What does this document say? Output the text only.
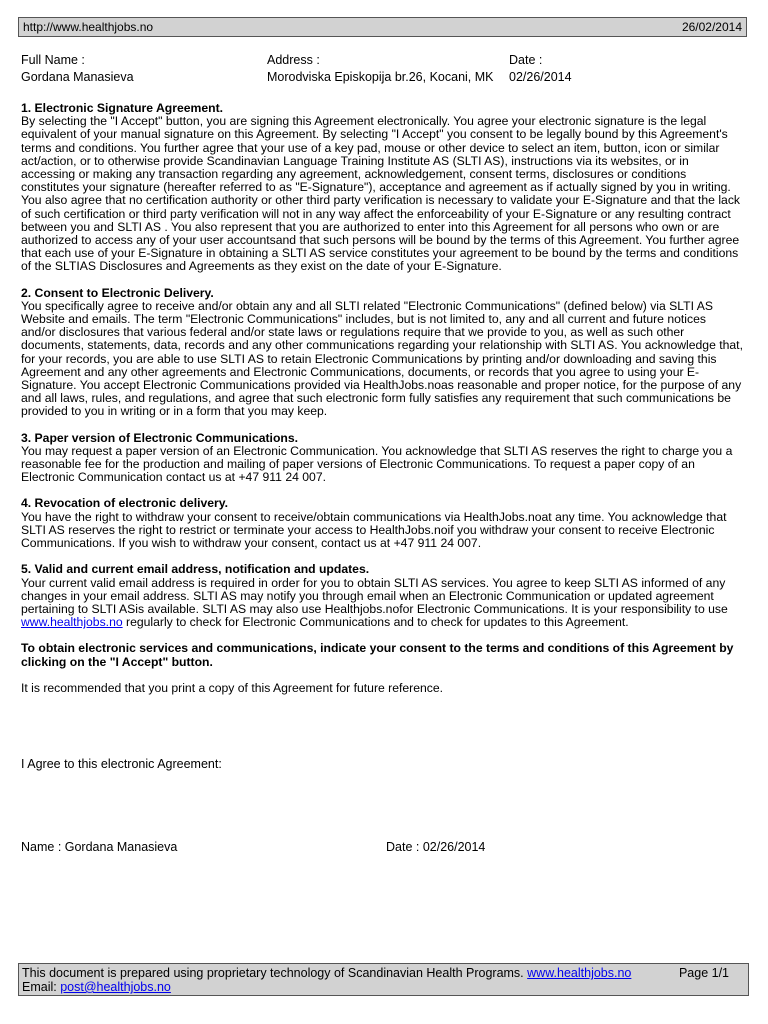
http://www.healthjobs.no	26/02/2014
Full Name :
Gordana Manasieva
Address :
Morodviska Episkopija br.26, Kocani, MK
Date :
02/26/2014
1. Electronic Signature Agreement.

By selecting the "I Accept" button, you are signing this Agreement electronically. You agree your electronic signature is the legal equivalent of your manual signature on this Agreement. By selecting "I Accept" you consent to be legally bound by this Agreement's terms and conditions. You further agree that your use of a key pad, mouse or other device to select an item, button, icon or similar act/action, or to otherwise provide Scandinavian Language Training Institute AS (SLTI AS), instructions via its websites, or in accessing or making any transaction regarding any agreement, acknowledgement, consent terms, disclosures or conditions constitutes your signature (hereafter referred to as "E-Signature"), acceptance and agreement as if actually signed by you in writing. You also agree that no certification authority or other third party verification is necessary to validate your E-Signature and that the lack of such certification or third party verification will not in any way affect the enforceability of your E-Signature or any resulting contract between you and SLTI AS . You also represent that you are authorized to enter into this Agreement for all persons who own or are authorized to access any of your user accountsand that such persons will be bound by the terms of this Agreement. You further agree that each use of your E-Signature in obtaining a SLTI AS service constitutes your agreement to be bound by the terms and conditions of the SLTIAS Disclosures and Agreements as they exist on the date of your E-Signature.

2. Consent to Electronic Delivery.

You specifically agree to receive and/or obtain any and all SLTI related "Electronic Communications" (defined below) via SLTI AS Website and emails. The term "Electronic Communications" includes, but is not limited to, any and all current and future notices and/or disclosures that various federal and/or state laws or regulations require that we provide to you, as well as such other documents, statements, data, records and any other communications regarding your relationship with SLTI AS. You acknowledge that, for your records, you are able to use SLTI AS to retain Electronic Communications by printing and/or downloading and saving this Agreement and any other agreements and Electronic Communications, documents, or records that you agree to using your E-Signature. You accept Electronic Communications provided via HealthJobs.noas reasonable and proper notice, for the purpose of any and all laws, rules, and regulations, and agree that such electronic form fully satisfies any requirement that such communications be provided to you in writing or in a form that you may keep.

3. Paper version of Electronic Communications.

You may request a paper version of an Electronic Communication. You acknowledge that SLTI AS reserves the right to charge you a reasonable fee for the production and mailing of paper versions of Electronic Communications. To request a paper copy of an Electronic Communication contact us at +47 911 24 007.

4. Revocation of electronic delivery.

You have the right to withdraw your consent to receive/obtain communications via HealthJobs.noat any time. You acknowledge that SLTI AS reserves the right to restrict or terminate your access to HealthJobs.noif you withdraw your consent to receive Electronic Communications. If you wish to withdraw your consent, contact us at +47 911 24 007.

5. Valid and current email address, notification and updates.

Your current valid email address is required in order for you to obtain SLTI AS services. You agree to keep SLTI AS informed of any changes in your email address. SLTI AS may notify you through email when an Electronic Communication or updated agreement pertaining to SLTI ASis available. SLTI AS may also use Healthjobs.nofor Electronic Communications. It is your responsibility to use www.healthjobs.no regularly to check for Electronic Communications and to check for updates to this Agreement.

To obtain electronic services and communications, indicate your consent to the terms and conditions of this Agreement by clicking on the "I Accept" button.

It is recommended that you print a copy of this Agreement for future reference.

I Agree to this electronic Agreement:
Name : Gordana Manasieva	Date : 02/26/2014
This document is prepared using proprietary technology of Scandinavian Health Programs. www.healthjobs.no	Page 1/1
Email: post@healthjobs.no
